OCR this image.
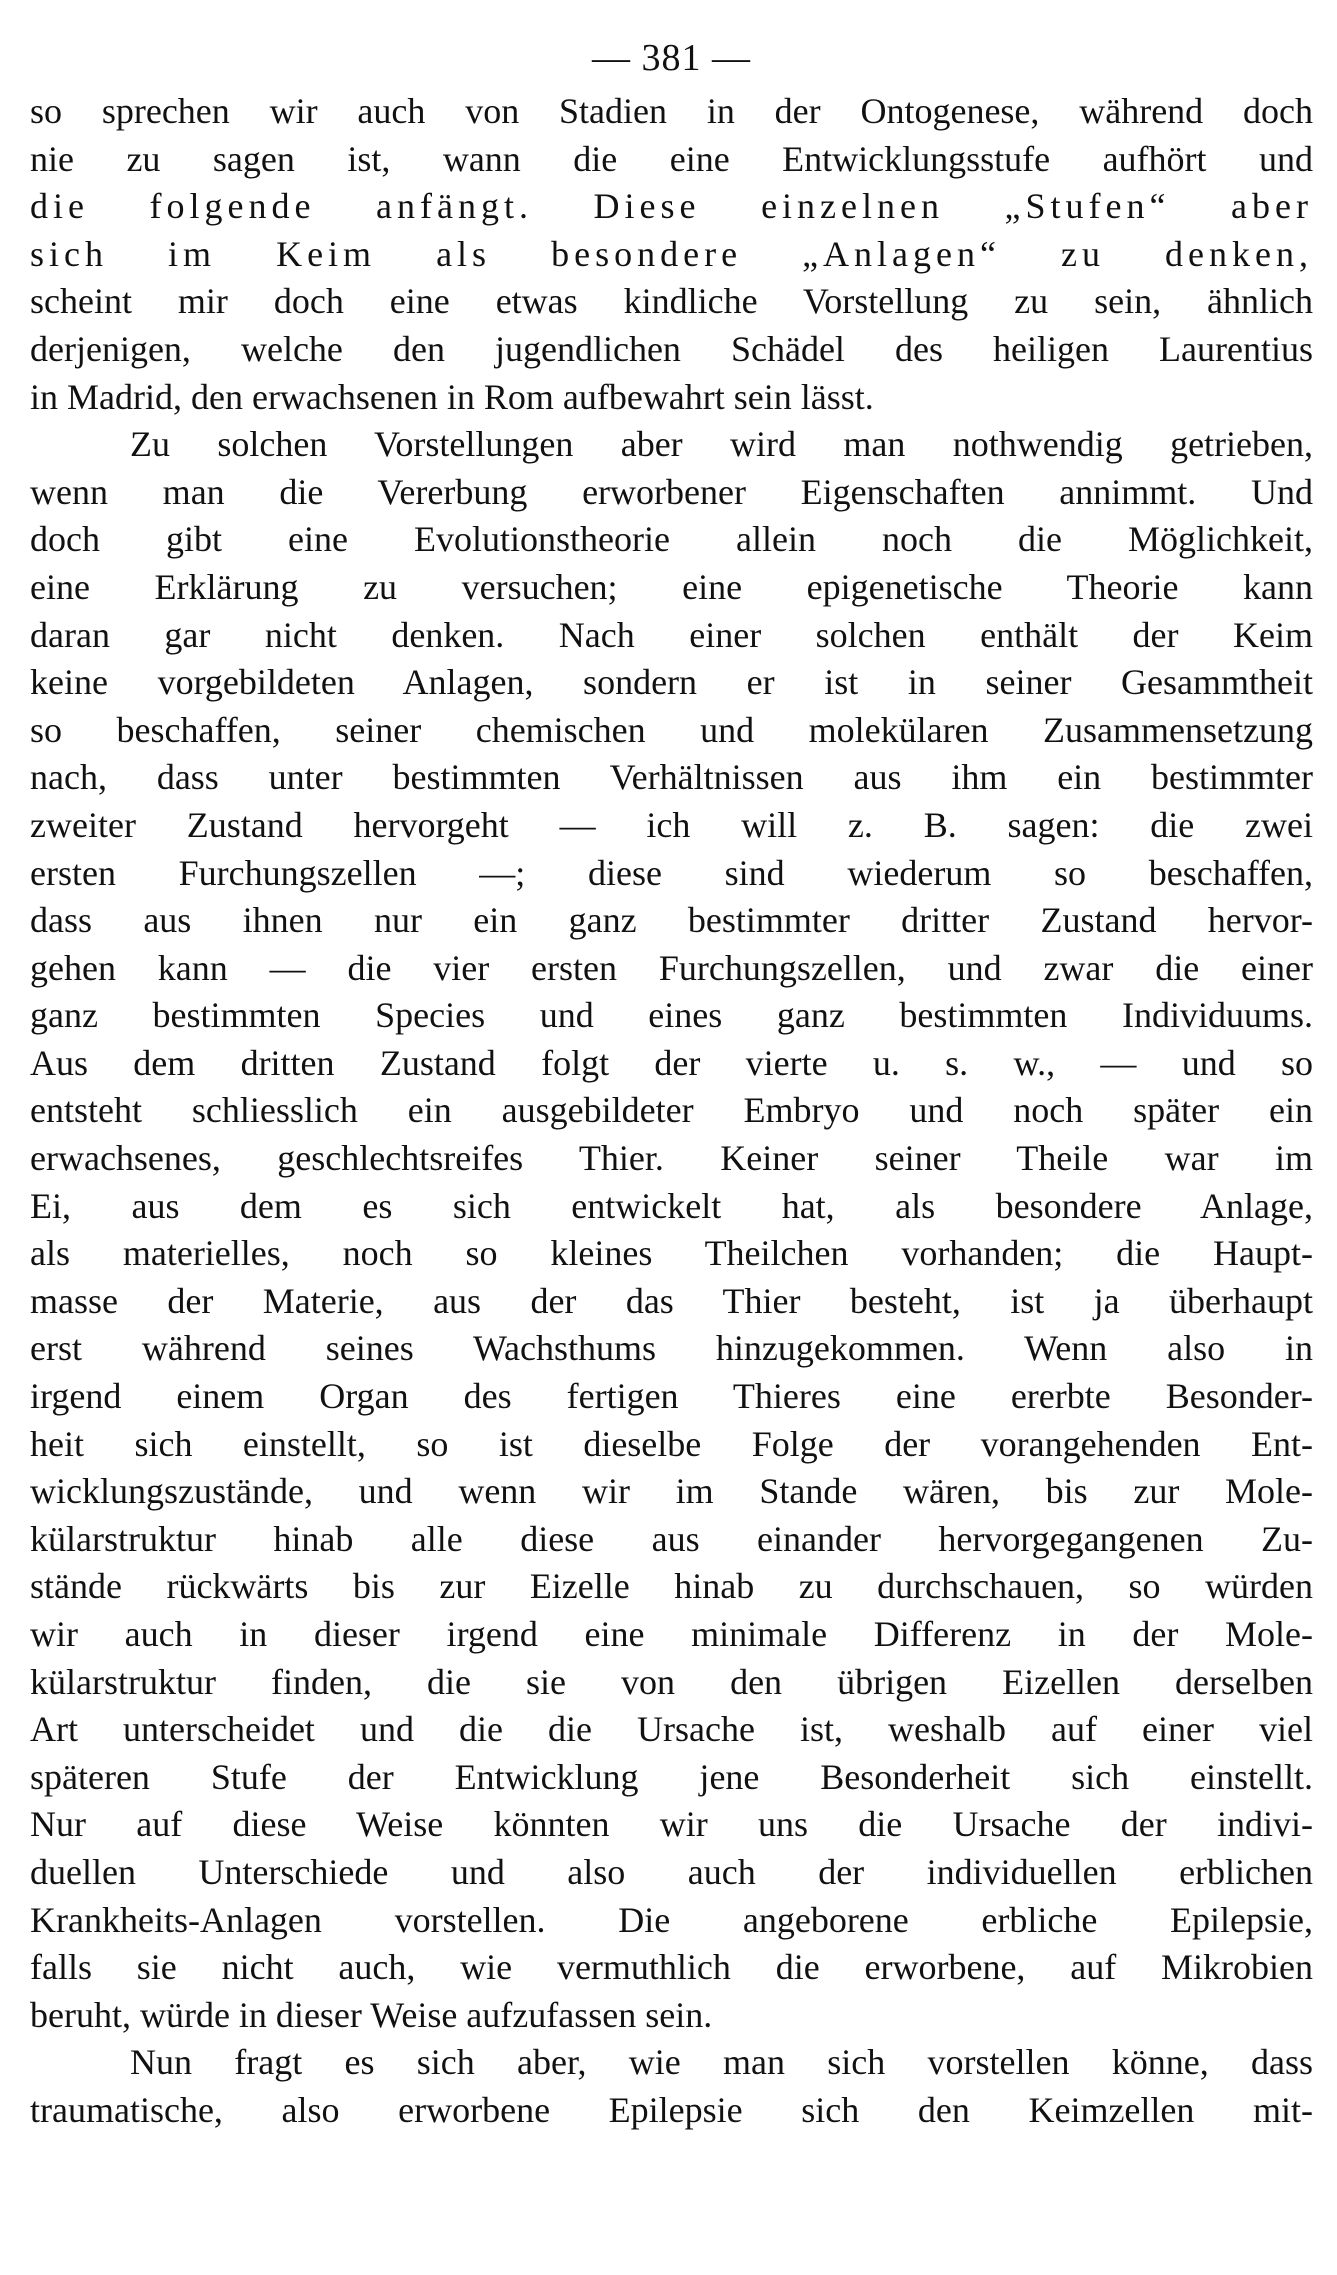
— 381 —
so sprechen wir auch von Stadien in der Ontogenese, während doch
nie zu sagen ist, wann die eine Entwicklungsstufe aufhört und
die folgende anfängt. Diese einzelnen „Stufen“ aber
sich im Keim als besondere „Anlagen“ zu denken,
scheint mir doch eine etwas kindliche Vorstellung zu sein, ähnlich
derjenigen, welche den jugendlichen Schädel des heiligen Laurentius
in Madrid, den erwachsenen in Rom aufbewahrt sein lässt.
Zu solchen Vorstellungen aber wird man nothwendig getrieben,
wenn man die Vererbung erworbener Eigenschaften annimmt. Und
doch gibt eine Evolutionstheorie allein noch die Möglichkeit,
eine Erklärung zu versuchen; eine epigenetische Theorie kann
daran gar nicht denken. Nach einer solchen enthält der Keim
keine vorgebildeten Anlagen, sondern er ist in seiner Gesammtheit
so beschaffen, seiner chemischen und molekülaren Zusammensetzung
nach, dass unter bestimmten Verhältnissen aus ihm ein bestimmter
zweiter Zustand hervorgeht — ich will z. B. sagen: die zwei
ersten Furchungszellen —; diese sind wiederum so beschaffen,
dass aus ihnen nur ein ganz bestimmter dritter Zustand hervor-
gehen kann — die vier ersten Furchungszellen, und zwar die einer
ganz bestimmten Species und eines ganz bestimmten Individuums.
Aus dem dritten Zustand folgt der vierte u. s. w., — und so
entsteht schliesslich ein ausgebildeter Embryo und noch später ein
erwachsenes, geschlechtsreifes Thier. Keiner seiner Theile war im
Ei, aus dem es sich entwickelt hat, als besondere Anlage,
als materielles, noch so kleines Theilchen vorhanden; die Haupt-
masse der Materie, aus der das Thier besteht, ist ja überhaupt
erst während seines Wachsthums hinzugekommen. Wenn also in
irgend einem Organ des fertigen Thieres eine ererbte Besonder-
heit sich einstellt, so ist dieselbe Folge der vorangehenden Ent-
wicklungszustände, und wenn wir im Stande wären, bis zur Mole-
külarstruktur hinab alle diese aus einander hervorgegangenen Zu-
stände rückwärts bis zur Eizelle hinab zu durchschauen, so würden
wir auch in dieser irgend eine minimale Differenz in der Mole-
külarstruktur finden, die sie von den übrigen Eizellen derselben
Art unterscheidet und die die Ursache ist, weshalb auf einer viel
späteren Stufe der Entwicklung jene Besonderheit sich einstellt.
Nur auf diese Weise könnten wir uns die Ursache der indivi-
duellen Unterschiede und also auch der individuellen erblichen
Krankheits-Anlagen vorstellen. Die angeborene erbliche Epilepsie,
falls sie nicht auch, wie vermuthlich die erworbene, auf Mikrobien
beruht, würde in dieser Weise aufzufassen sein.
Nun fragt es sich aber, wie man sich vorstellen könne, dass
traumatische, also erworbene Epilepsie sich den Keimzellen mit-
